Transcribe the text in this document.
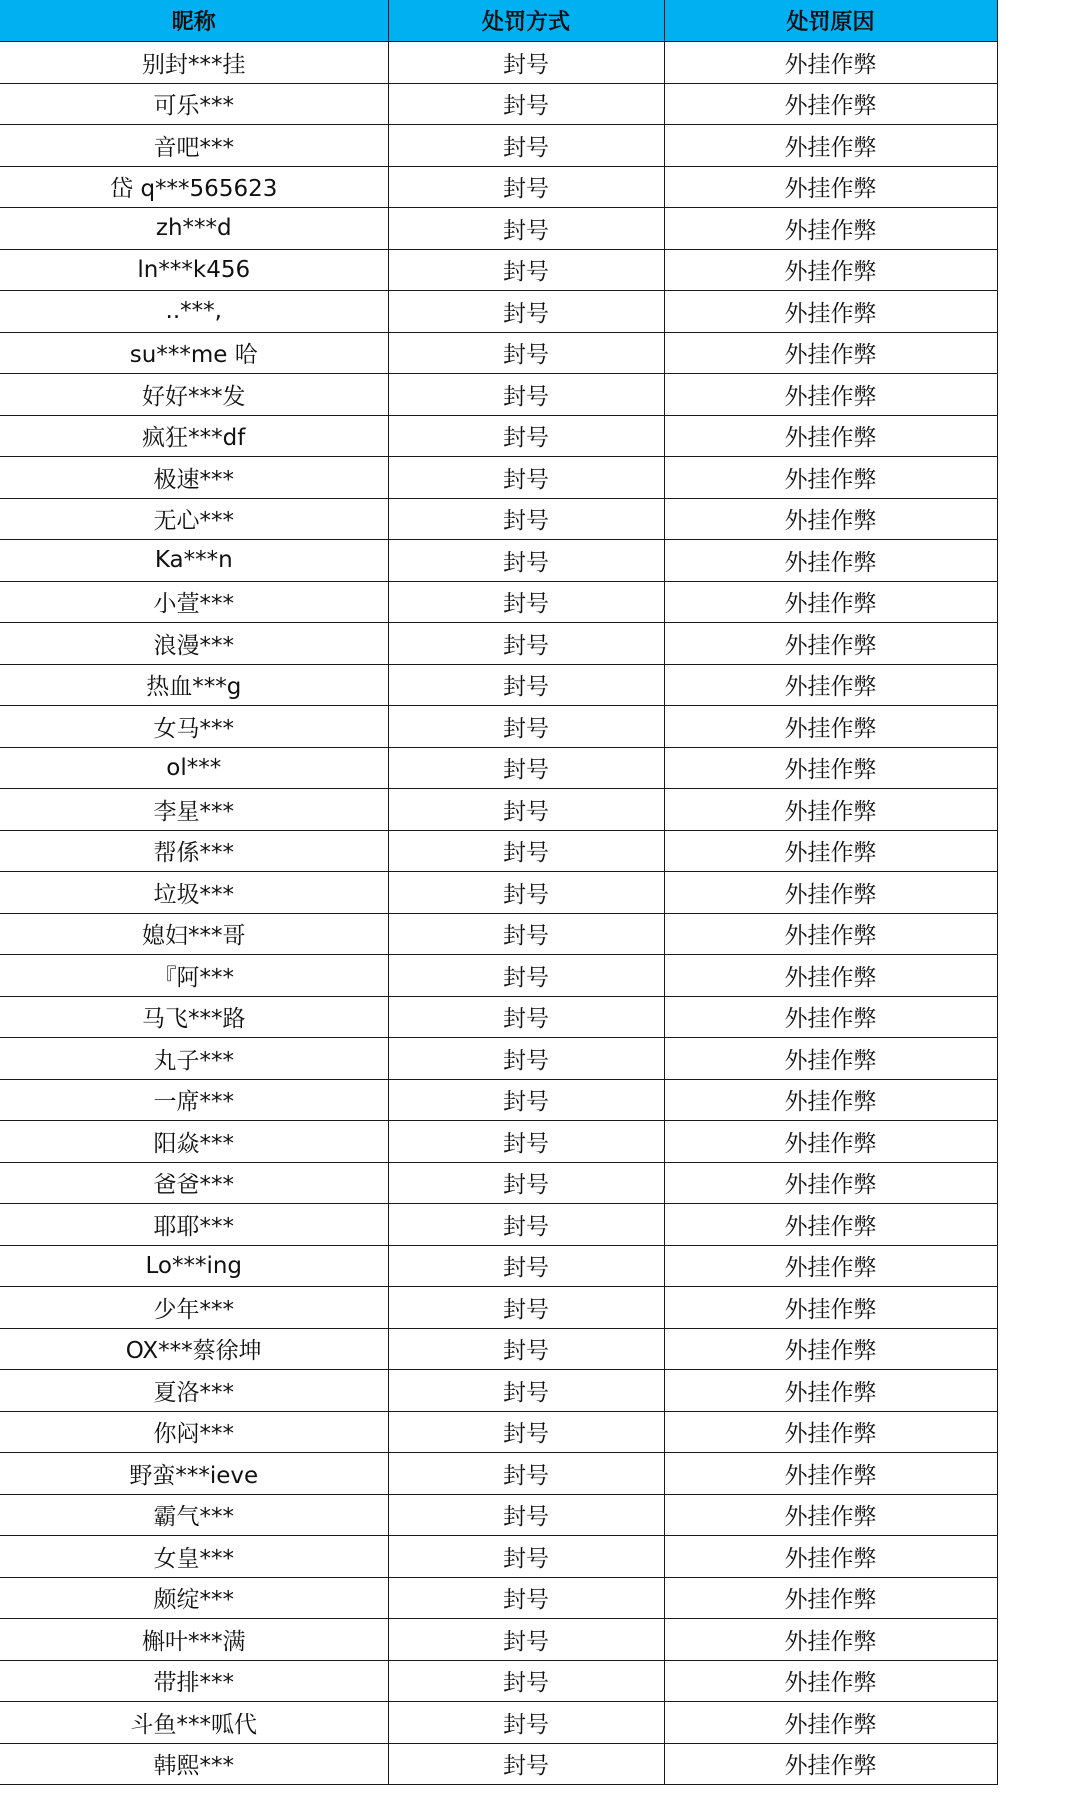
昵称	处罚方式	处罚原因
别封***挂	封号	外挂作弊
可乐***	封号	外挂作弊
音吧***	封号	外挂作弊
岱 q***565623	封号	外挂作弊
zh***d	封号	外挂作弊
ln***k456	封号	外挂作弊
..***,	封号	外挂作弊
su***me 哈	封号	外挂作弊
好好***发	封号	外挂作弊
疯狂***df	封号	外挂作弊
极速***	封号	外挂作弊
无心***	封号	外挂作弊
Ka***n	封号	外挂作弊
小萱***	封号	外挂作弊
浪漫***	封号	外挂作弊
热血***g	封号	外挂作弊
女马***	封号	外挂作弊
ol***	封号	外挂作弊
李星***	封号	外挂作弊
帮係***	封号	外挂作弊
垃圾***	封号	外挂作弊
媳妇***哥	封号	外挂作弊
『阿***	封号	外挂作弊
马飞***路	封号	外挂作弊
丸子***	封号	外挂作弊
一席***	封号	外挂作弊
阳焱***	封号	外挂作弊
爸爸***	封号	外挂作弊
耶耶***	封号	外挂作弊
Lo***ing	封号	外挂作弊
少年***	封号	外挂作弊
OX***蔡徐坤	封号	外挂作弊
夏洛***	封号	外挂作弊
你闷***	封号	外挂作弊
野蛮***ieve	封号	外挂作弊
霸气***	封号	外挂作弊
女皇***	封号	外挂作弊
颇绽***	封号	外挂作弊
槲叶***满	封号	外挂作弊
带排***	封号	外挂作弊
斗鱼***呱代	封号	外挂作弊
韩熙***	封号	外挂作弊
